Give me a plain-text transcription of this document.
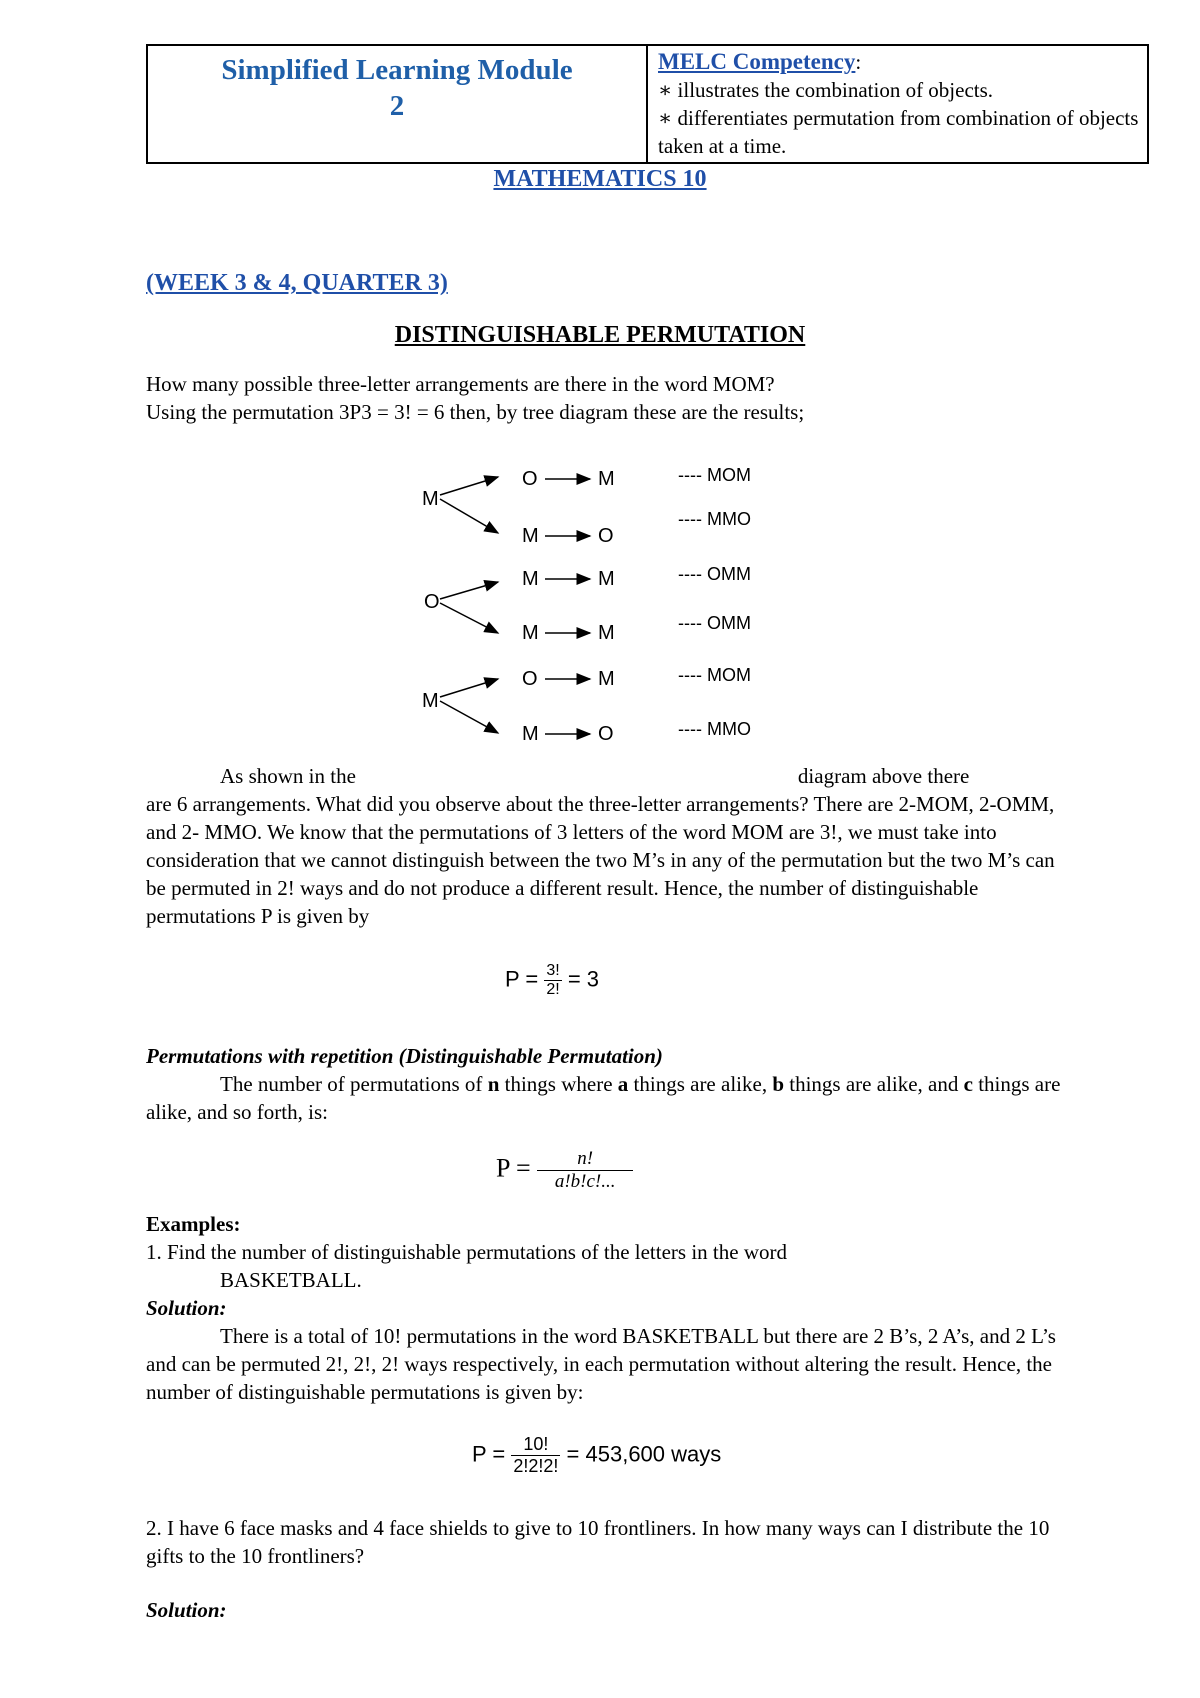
Simplified Learning Module
2
MELC Competency:
∗ illustrates the combination of objects.
∗ differentiates permutation from combination of objects taken at a time.
MATHEMATICS 10
(WEEK 3 & 4, QUARTER 3)
DISTINGUISHABLE PERMUTATION
How many possible three-letter arrangements are there in the word MOM?
Using the permutation 3P3 = 3! = 6 then, by tree diagram these are the results;
M
O	M	---- MOM
M	O
---- MMO
O
M	M	---- OMM
M	M	---- OMM
M
O	M	---- MOM
M	O	---- MMO
As shown in the	diagram above there
are 6 arrangements. What did you observe about the three-letter arrangements? There are 2-MOM, 2-OMM, and 2- MMO. We know that the permutations of 3 letters of the word MOM are 3!, we must take into consideration that we cannot distinguish between the two M’s in any of the permutation but the two M’s can be permuted in 2! ways and do not produce a different result. Hence, the number of distinguishable permutations P is given by
$P = \frac{3!}{2!} = 3$
Permutations with repetition (Distinguishable Permutation)
The number of permutations of n things where a things are alike, b things are alike, and c things are alike, and so forth, is:
$P = \frac{n!}{a!b!c!...}$
Examples:
1. Find the number of distinguishable permutations of the letters in the word
BASKETBALL.
Solution:
There is a total of 10! permutations in the word BASKETBALL but there are 2 B’s, 2 A’s, and 2 L’s and can be permuted 2!, 2!, 2! ways respectively, in each permutation without altering the result. Hence, the number of distinguishable permutations is given by:
$P = \frac{10!}{2!2!2!} = 453,600$ ways
2. I have 6 face masks and 4 face shields to give to 10 frontliners. In how many ways can I distribute the 10 gifts to the 10 frontliners?
Solution:
